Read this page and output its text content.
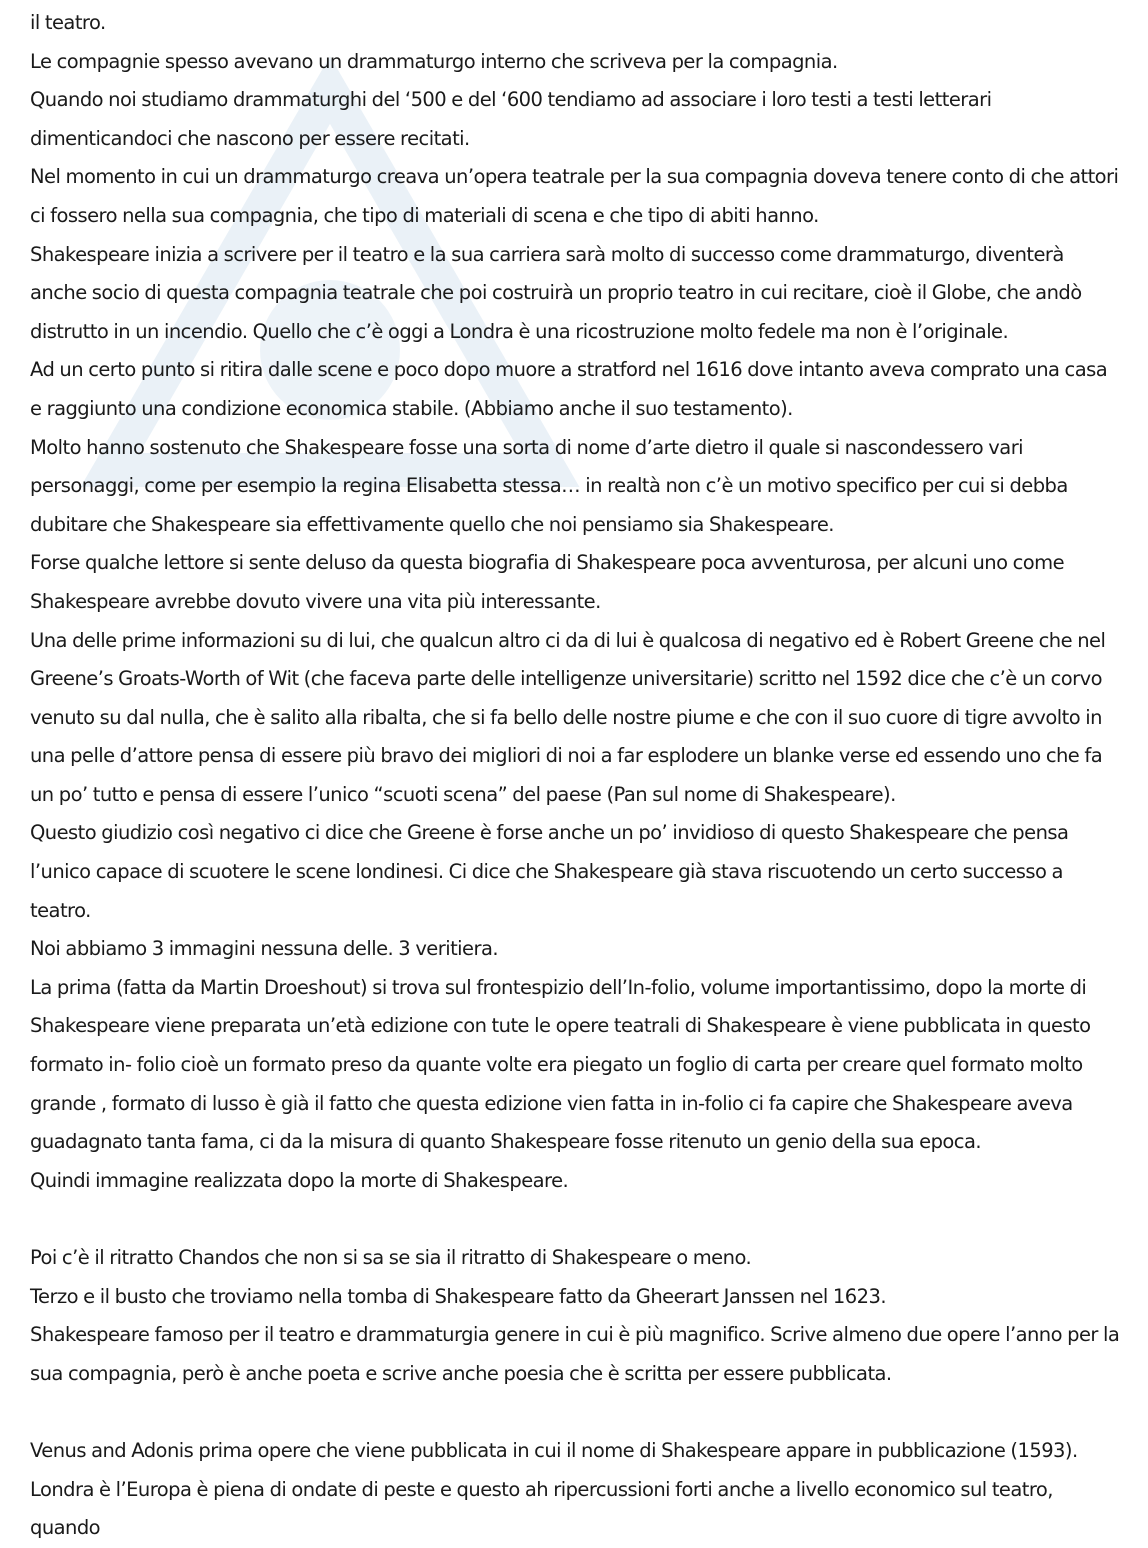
il teatro.

Le compagnie spesso avevano un drammaturgo interno che scriveva per la compagnia.

Quando noi studiamo drammaturghi del ‘500 e del ‘600 tendiamo ad associare i loro testi a testi letterari dimenticandoci che nascono per essere recitati.

Nel momento in cui un drammaturgo creava un’opera teatrale per la sua compagnia doveva tenere conto di che attori ci fossero nella sua compagnia, che tipo di materiali di scena e che tipo di abiti hanno.

Shakespeare inizia a scrivere per il teatro e la sua carriera sarà molto di successo come drammaturgo, diventerà anche socio di questa compagnia teatrale che poi costruirà un proprio teatro in cui recitare, cioè il Globe, che andò distrutto in un incendio. Quello che c’è oggi a Londra è una ricostruzione molto fedele ma non è l’originale.

Ad un certo punto si ritira dalle scene e poco dopo muore a stratford nel 1616 dove intanto aveva comprato una casa e raggiunto una condizione economica stabile. (Abbiamo anche il suo testamento).

Molto hanno sostenuto che Shakespeare fosse una sorta di nome d’arte dietro il quale si nascondessero vari personaggi, come per esempio la regina Elisabetta stessa… in realtà non c’è un motivo specifico per cui si debba dubitare che Shakespeare sia effettivamente quello che noi pensiamo sia Shakespeare.

Forse qualche lettore si sente deluso da questa biografia di Shakespeare poca avventurosa, per alcuni uno come Shakespeare avrebbe dovuto vivere una vita più interessante.

Una delle prime informazioni su di lui, che qualcun altro ci da di lui è qualcosa di negativo ed è Robert Greene che nel Greene’s Groats-Worth of Wit (che faceva parte delle intelligenze universitarie) scritto nel 1592 dice che c’è un corvo venuto su dal nulla, che è salito alla ribalta, che si fa bello delle nostre piume e che con il suo cuore di tigre avvolto in una pelle d’attore pensa di essere più bravo dei migliori di noi a far esplodere un blanke verse ed essendo uno che fa un po’ tutto e pensa di essere l’unico “scuoti scena” del paese (Pan sul nome di Shakespeare).

Questo giudizio così negativo ci dice che Greene è forse anche un po’ invidioso di questo Shakespeare che pensa l’unico capace di scuotere le scene londinesi. Ci dice che Shakespeare già stava riscuotendo un certo successo a teatro.

Noi abbiamo 3 immagini nessuna delle. 3 veritiera.

La prima (fatta da Martin Droeshout) si trova sul frontespizio dell’In-folio, volume importantissimo, dopo la morte di Shakespeare viene preparata un’età edizione con tute le opere teatrali di Shakespeare è viene pubblicata in questo formato in- folio cioè un formato preso da quante volte era piegato un foglio di carta per creare quel formato molto grande , formato di lusso è già il fatto che questa edizione vien fatta in in-folio ci fa capire che Shakespeare aveva guadagnato tanta fama, ci da la misura di quanto Shakespeare fosse ritenuto un genio della sua epoca.

Quindi immagine realizzata dopo la morte di Shakespeare.

Poi c’è il ritratto Chandos che non si sa se sia il ritratto di Shakespeare o meno.

Terzo e il busto che troviamo nella tomba di Shakespeare fatto da Gheerart Janssen nel 1623.

Shakespeare famoso per il teatro e drammaturgia genere in cui è più magnifico. Scrive almeno due opere l’anno per la sua compagnia, però è anche poeta e scrive anche poesia che è scritta per essere pubblicata.

Venus and Adonis prima opere che viene pubblicata in cui il nome di Shakespeare appare in pubblicazione (1593).

Londra è l’Europa è piena di ondate di peste e questo ah ripercussioni forti anche a livello economico sul teatro, quando
